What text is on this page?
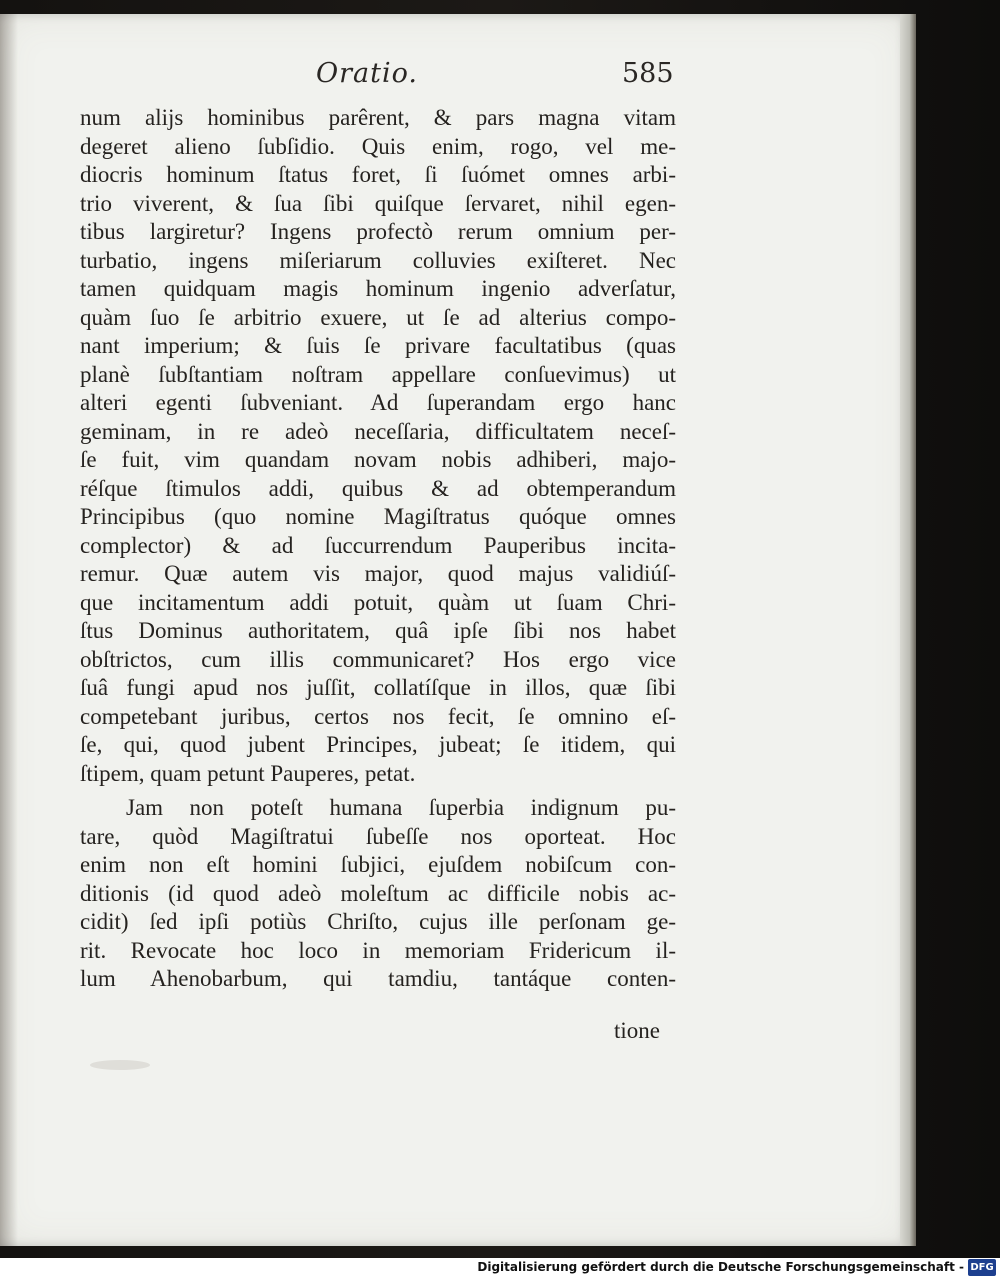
Oratio.	585
num alijs hominibus parêrent, & pars magna vitam
degeret alieno ſubſidio. Quis enim, rogo, vel me-
diocris hominum ſtatus foret, ſi ſuómet omnes arbi-
trio viverent, & ſua ſibi quiſque ſervaret, nihil egen-
tibus largiretur? Ingens profectò rerum omnium per-
turbatio, ingens miſeriarum colluvies exiſteret. Nec
tamen quidquam magis hominum ingenio adverſatur,
quàm ſuo ſe arbitrio exuere, ut ſe ad alterius compo-
nant imperium; & ſuis ſe privare facultatibus (quas
planè ſubſtantiam noſtram appellare conſuevimus) ut
alteri egenti ſubveniant. Ad ſuperandam ergo hanc
geminam, in re adeò neceſſaria, difficultatem neceſ-
ſe fuit, vim quandam novam nobis adhiberi, majo-
réſque ſtimulos addi, quibus & ad obtemperandum
Principibus (quo nomine Magiſtratus quóque omnes
complector) & ad ſuccurrendum Pauperibus incita-
remur. Quæ autem vis major, quod majus validiúſ-
que incitamentum addi potuit, quàm ut ſuam Chri-
ſtus Dominus authoritatem, quâ ipſe ſibi nos habet
obſtrictos, cum illis communicaret? Hos ergo vice
ſuâ fungi apud nos juſſit, collatíſque in illos, quæ ſibi
competebant juribus, certos nos fecit, ſe omnino eſ-
ſe, qui, quod jubent Principes, jubeat; ſe itidem, qui
ſtipem, quam petunt Pauperes, petat.
Jam non poteſt humana ſuperbia indignum pu-
tare, quòd Magiſtratui ſubeſſe nos oporteat. Hoc
enim non eſt homini ſubjici, ejuſdem nobiſcum con-
ditionis (id quod adeò moleſtum ac difficile nobis ac-
cidit) ſed ipſi potiùs Chriſto, cujus ille perſonam ge-
rit. Revocate hoc loco in memoriam Fridericum il-
lum Ahenobarbum, qui tamdiu, tantáque conten-
tione
Digitalisierung gefördert durch die Deutsche Forschungsgemeinschaft - DFG
